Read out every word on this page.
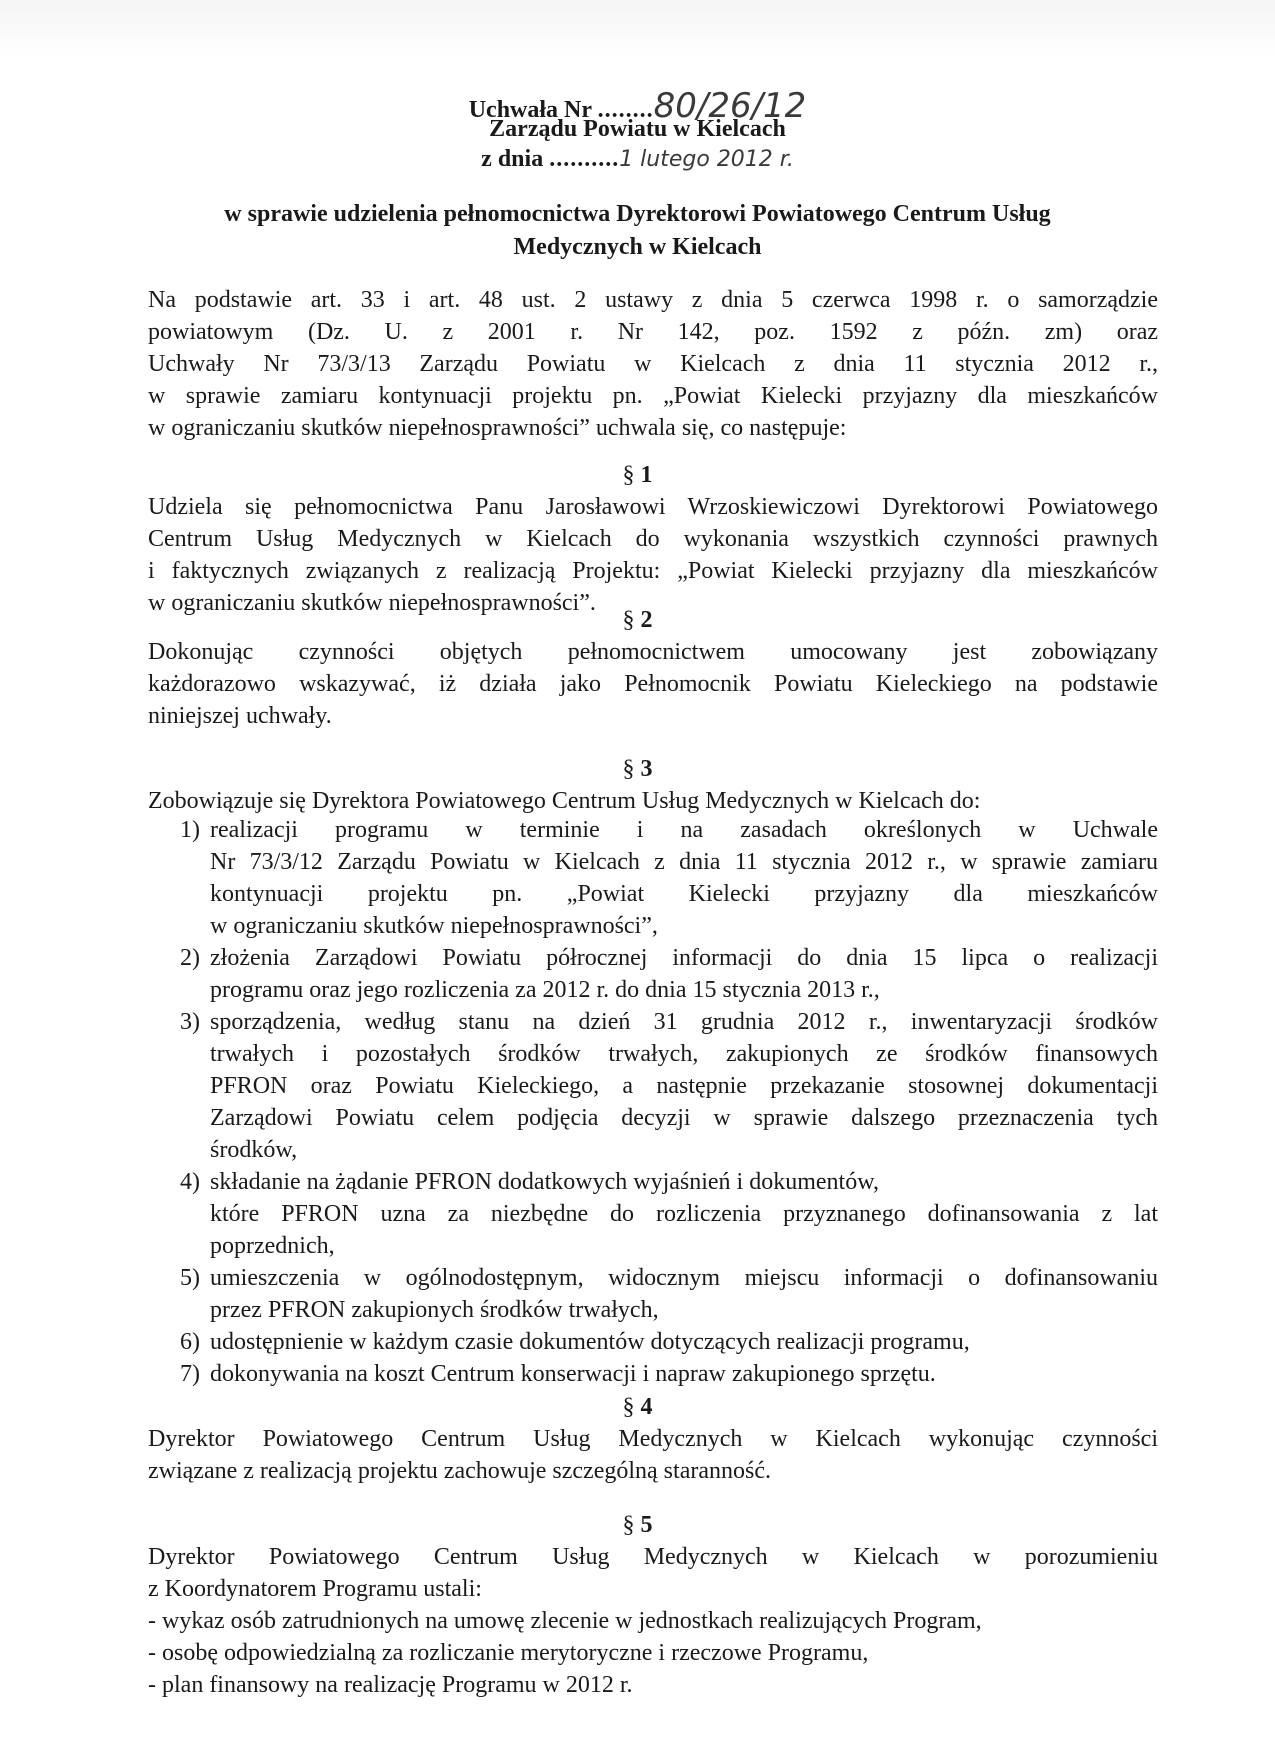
Uchwała Nr ........80/26/12
Zarządu Powiatu w Kielcach
z dnia ..........1 lutego 2012 r.
w sprawie udzielenia pełnomocnictwa Dyrektorowi Powiatowego Centrum Usług
Medycznych w Kielcach
Na podstawie art. 33 i art. 48 ust. 2 ustawy z dnia 5 czerwca 1998 r. o samorządzie
powiatowym (Dz. U. z 2001 r. Nr 142, poz. 1592 z późn. zm) oraz
Uchwały Nr 73/3/13 Zarządu Powiatu w Kielcach z dnia 11 stycznia 2012 r.,
w sprawie zamiaru kontynuacji projektu pn. „Powiat Kielecki przyjazny dla mieszkańców
w ograniczaniu skutków niepełnosprawności” uchwala się, co następuje:
§ 1
Udziela się pełnomocnictwa Panu Jarosławowi Wrzoskiewiczowi Dyrektorowi Powiatowego
Centrum Usług Medycznych w Kielcach do wykonania wszystkich czynności prawnych
i faktycznych związanych z realizacją Projektu: „Powiat Kielecki przyjazny dla mieszkańców
w ograniczaniu skutków niepełnosprawności”.
§ 2
Dokonując czynności objętych pełnomocnictwem umocowany jest zobowiązany
każdorazowo wskazywać, iż działa jako Pełnomocnik Powiatu Kieleckiego na podstawie
niniejszej uchwały.
§ 3
Zobowiązuje się Dyrektora Powiatowego Centrum Usług Medycznych w Kielcach do:
1) realizacji programu w terminie i na zasadach określonych w Uchwale
Nr 73/3/12 Zarządu Powiatu w Kielcach z dnia 11 stycznia 2012 r., w sprawie zamiaru
kontynuacji projektu pn. „Powiat Kielecki przyjazny dla mieszkańców
w ograniczaniu skutków niepełnosprawności”,
2) złożenia Zarządowi Powiatu półrocznej informacji do dnia 15 lipca o realizacji
programu oraz jego rozliczenia za 2012 r. do dnia 15 stycznia 2013 r.,
3) sporządzenia, według stanu na dzień 31 grudnia 2012 r., inwentaryzacji środków
trwałych i pozostałych środków trwałych, zakupionych ze środków finansowych
PFRON oraz Powiatu Kieleckiego, a następnie przekazanie stosownej dokumentacji
Zarządowi Powiatu celem podjęcia decyzji w sprawie dalszego przeznaczenia tych
środków,
4) składanie na żądanie PFRON dodatkowych wyjaśnień i dokumentów,
które PFRON uzna za niezbędne do rozliczenia przyznanego dofinansowania z lat
poprzednich,
5) umieszczenia w ogólnodostępnym, widocznym miejscu informacji o dofinansowaniu
przez PFRON zakupionych środków trwałych,
6) udostępnienie w każdym czasie dokumentów dotyczących realizacji programu,
7) dokonywania na koszt Centrum konserwacji i napraw zakupionego sprzętu.
§ 4
Dyrektor Powiatowego Centrum Usług Medycznych w Kielcach wykonując czynności
związane z realizacją projektu zachowuje szczególną staranność.
§ 5
Dyrektor Powiatowego Centrum Usług Medycznych w Kielcach w porozumieniu
z Koordynatorem Programu ustali:
- wykaz osób zatrudnionych na umowę zlecenie w jednostkach realizujących Program,
- osobę odpowiedzialną za rozliczanie merytoryczne i rzeczowe Programu,
- plan finansowy na realizację Programu w 2012 r.
